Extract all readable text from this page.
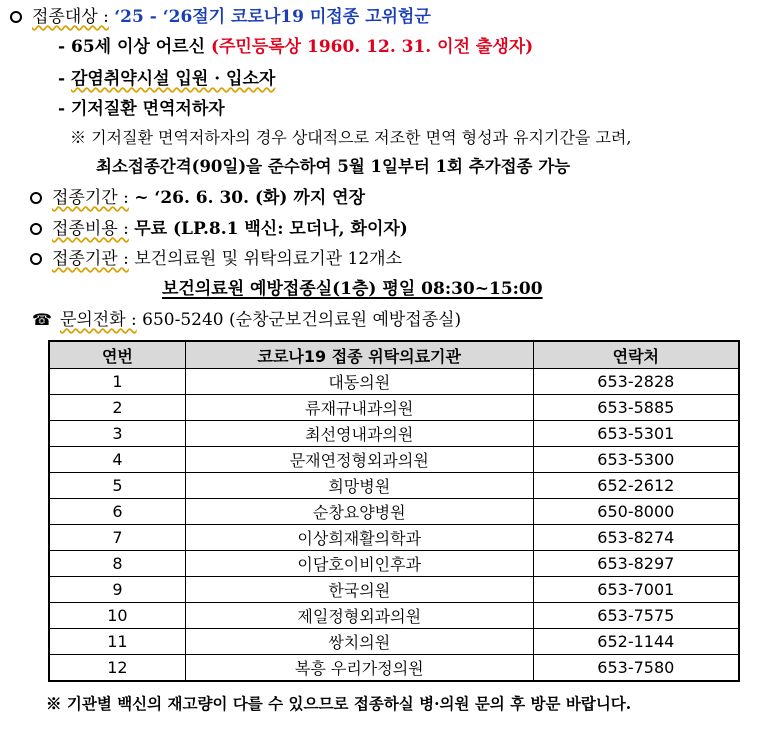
접종대상 : ‘25 - ‘26절기 코로나19 미접종 고위험군
- 65세 이상 어르신 (주민등록상 1960. 12. 31. 이전 출생자)
- 감염취약시설 입원 · 입소자
- 기저질환 면역저하자
※ 기저질환 면역저하자의 경우 상대적으로 저조한 면역 형성과 유지기간을 고려,
최소접종간격(90일)을 준수하여 5월 1일부터 1회 추가접종 가능
접종기간 : ~ ‘26. 6. 30. (화) 까지 연장
접종비용 : 무료 (LP.8.1 백신: 모더나, 화이자)
접종기관 : 보건의료원 및 위탁의료기관 12개소
보건의료원 예방접종실(1층) 평일 08:30~15:00
☎ 문의전화 : 650-5240 (순창군보건의료원 예방접종실)
연번	코로나19 접종 위탁의료기관	연락처
1	대동의원	653-2828
2	류재규내과의원	653-5885
3	최선영내과의원	653-5301
4	문재연정형외과의원	653-5300
5	희망병원	652-2612
6	순창요양병원	650-8000
7	이상희재활의학과	653-8274
8	이담호이비인후과	653-8297
9	한국의원	653-7001
10	제일정형외과의원	653-7575
11	쌍치의원	652-1144
12	복흥 우리가정의원	653-7580
※ 기관별 백신의 재고량이 다를 수 있으므로 접종하실 병·의원 문의 후 방문 바랍니다.
